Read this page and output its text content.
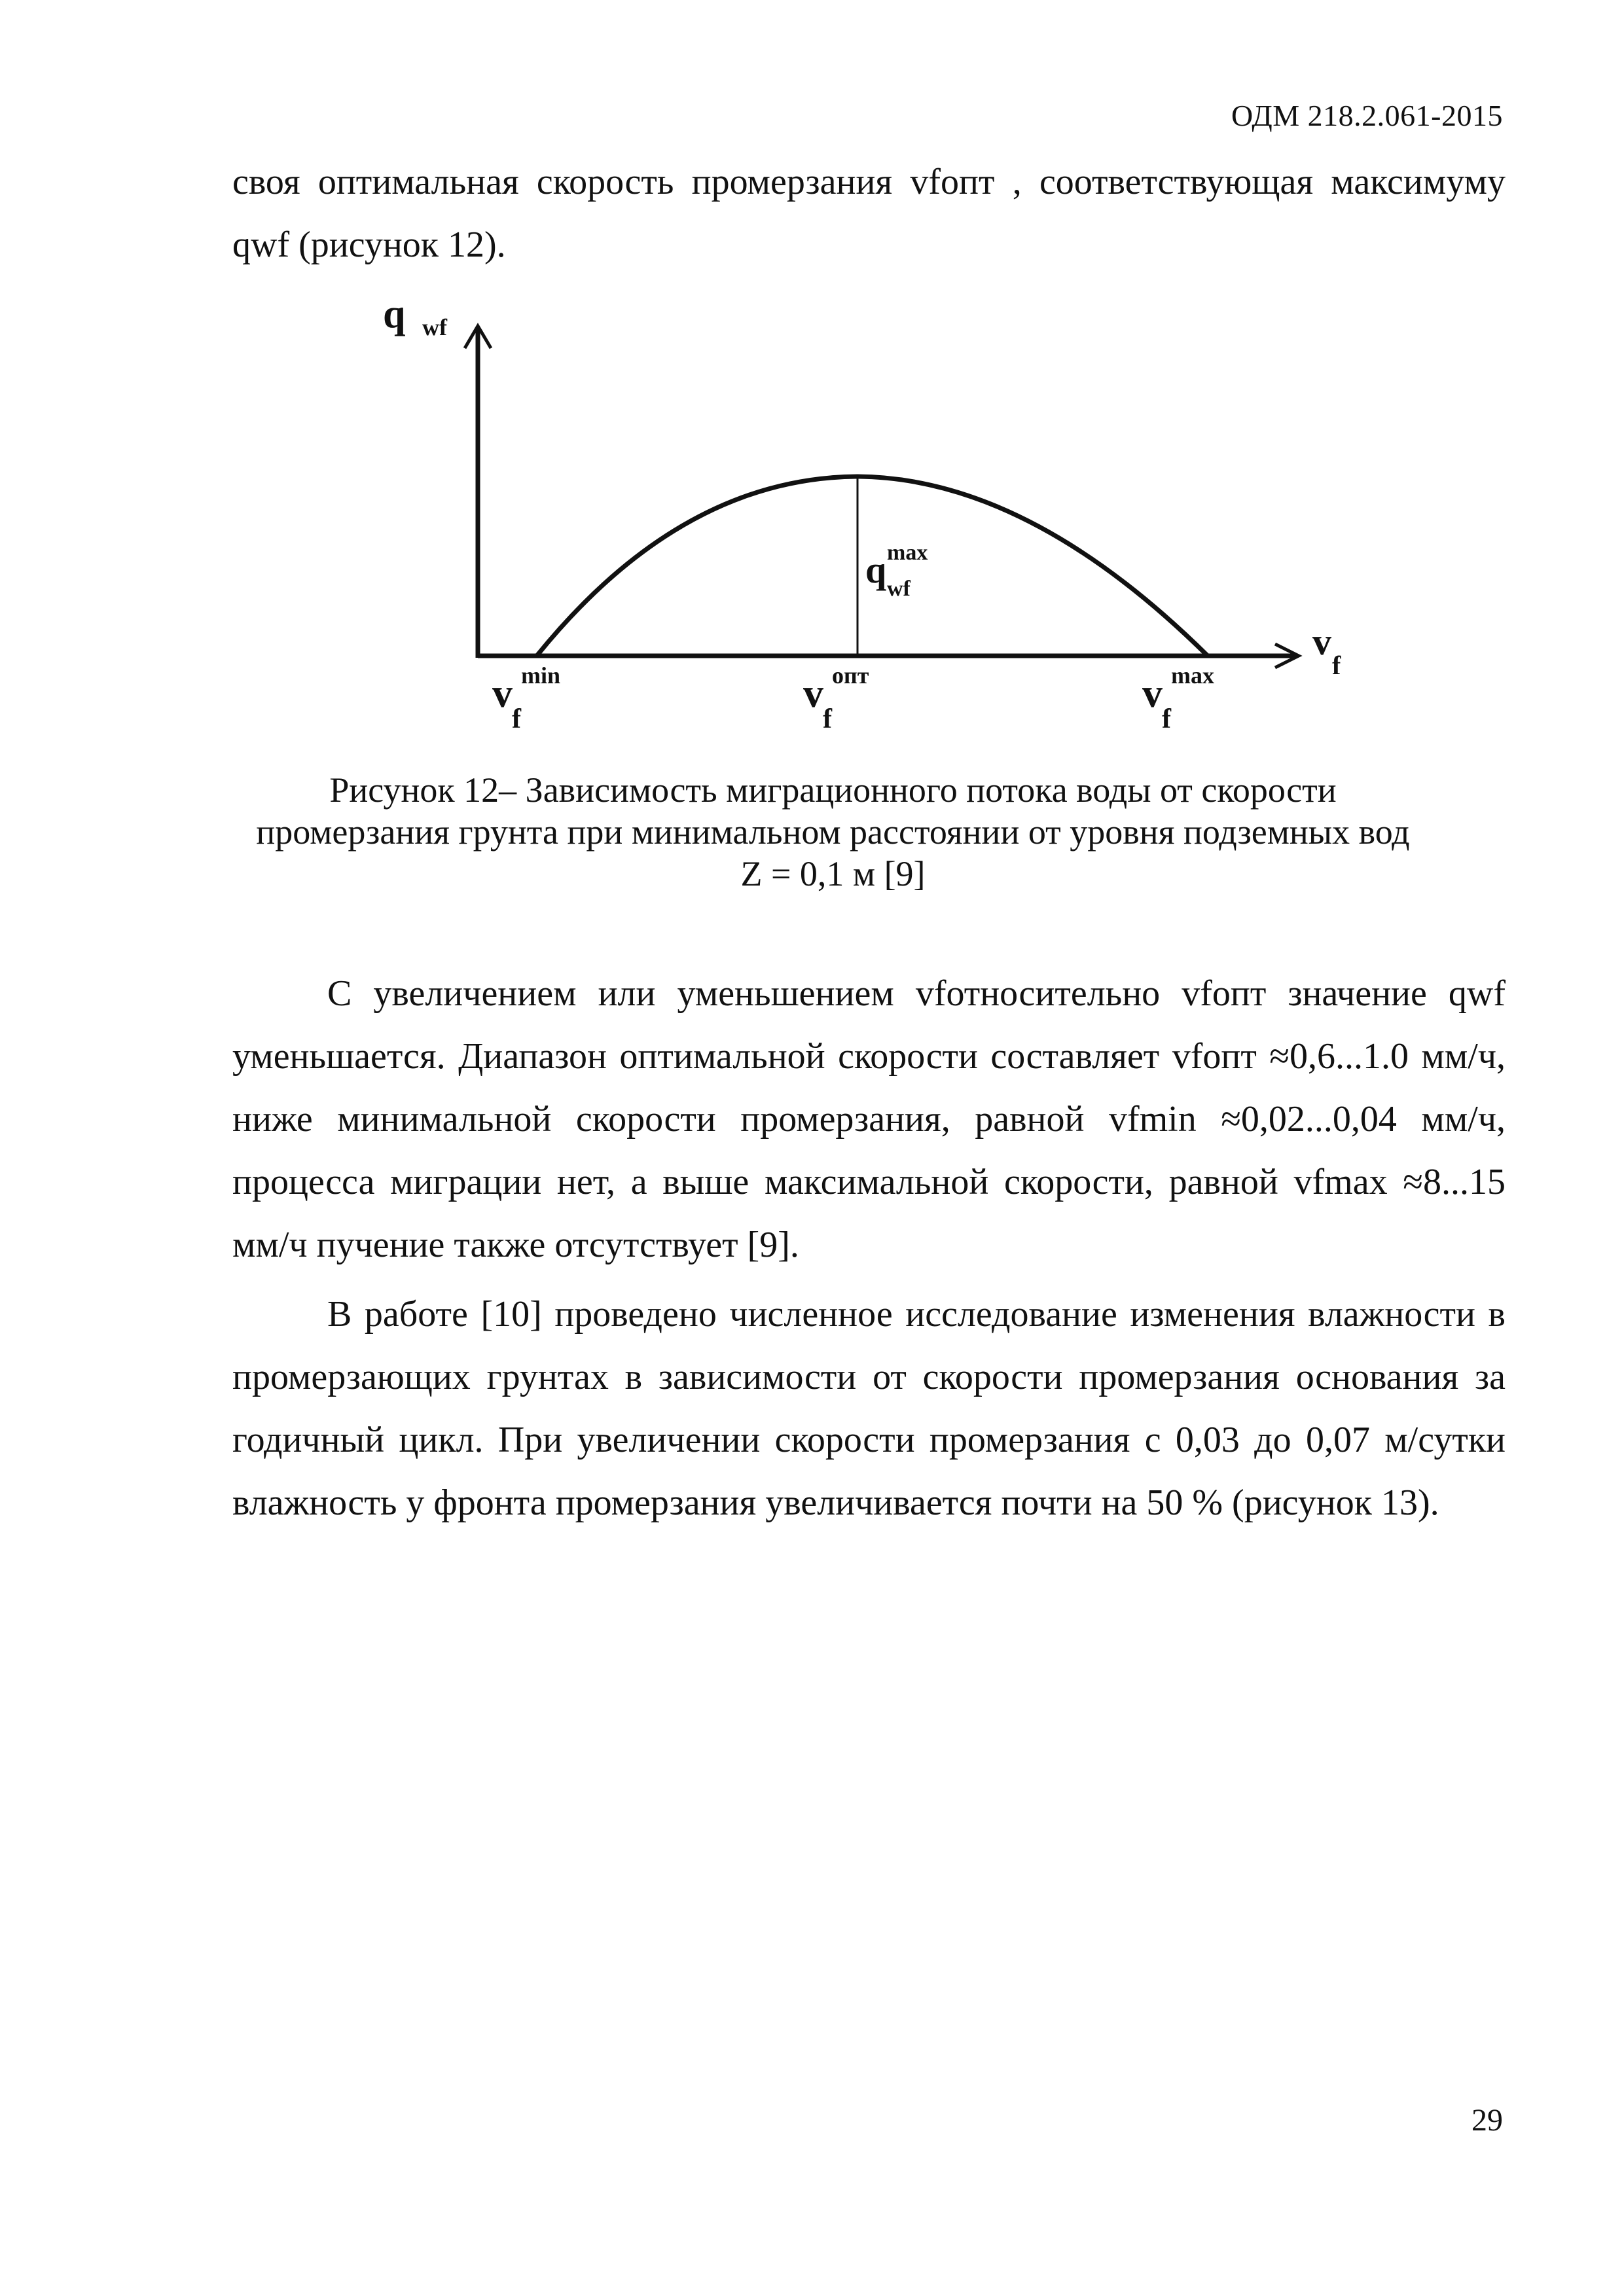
ОДМ 218.2.061-2015

своя оптимальная скорость промерзания vfопт , соответствующая максимуму qwf (рисунок 12).

q wf
v
f
q max
wf
v
f
min	v
f
опт	v
f
max

Рисунок 12– Зависимость миграционного потока воды от скорости
промерзания грунта при минимальном расстоянии от уровня подземных вод
Z = 0,1 м [9]

С увеличением или уменьшением vfотносительно vfопт значение qwf уменьшается. Диапазон оптимальной скорости составляет vfопт ≈0,6...1.0 мм/ч, ниже минимальной скорости промерзания, равной vfmin ≈0,02...0,04 мм/ч, процесса миграции нет, а выше максимальной скорости, равной vfmax ≈8...15 мм/ч пучение также отсутствует [9].

В работе [10] проведено численное исследование изменения влажности в промерзающих грунтах в зависимости от скорости промерзания основания за годичный цикл. При увеличении скорости промерзания с 0,03 до 0,07 м/сутки влажность у фронта промерзания увеличивается почти на 50 % (рисунок 13).

29
